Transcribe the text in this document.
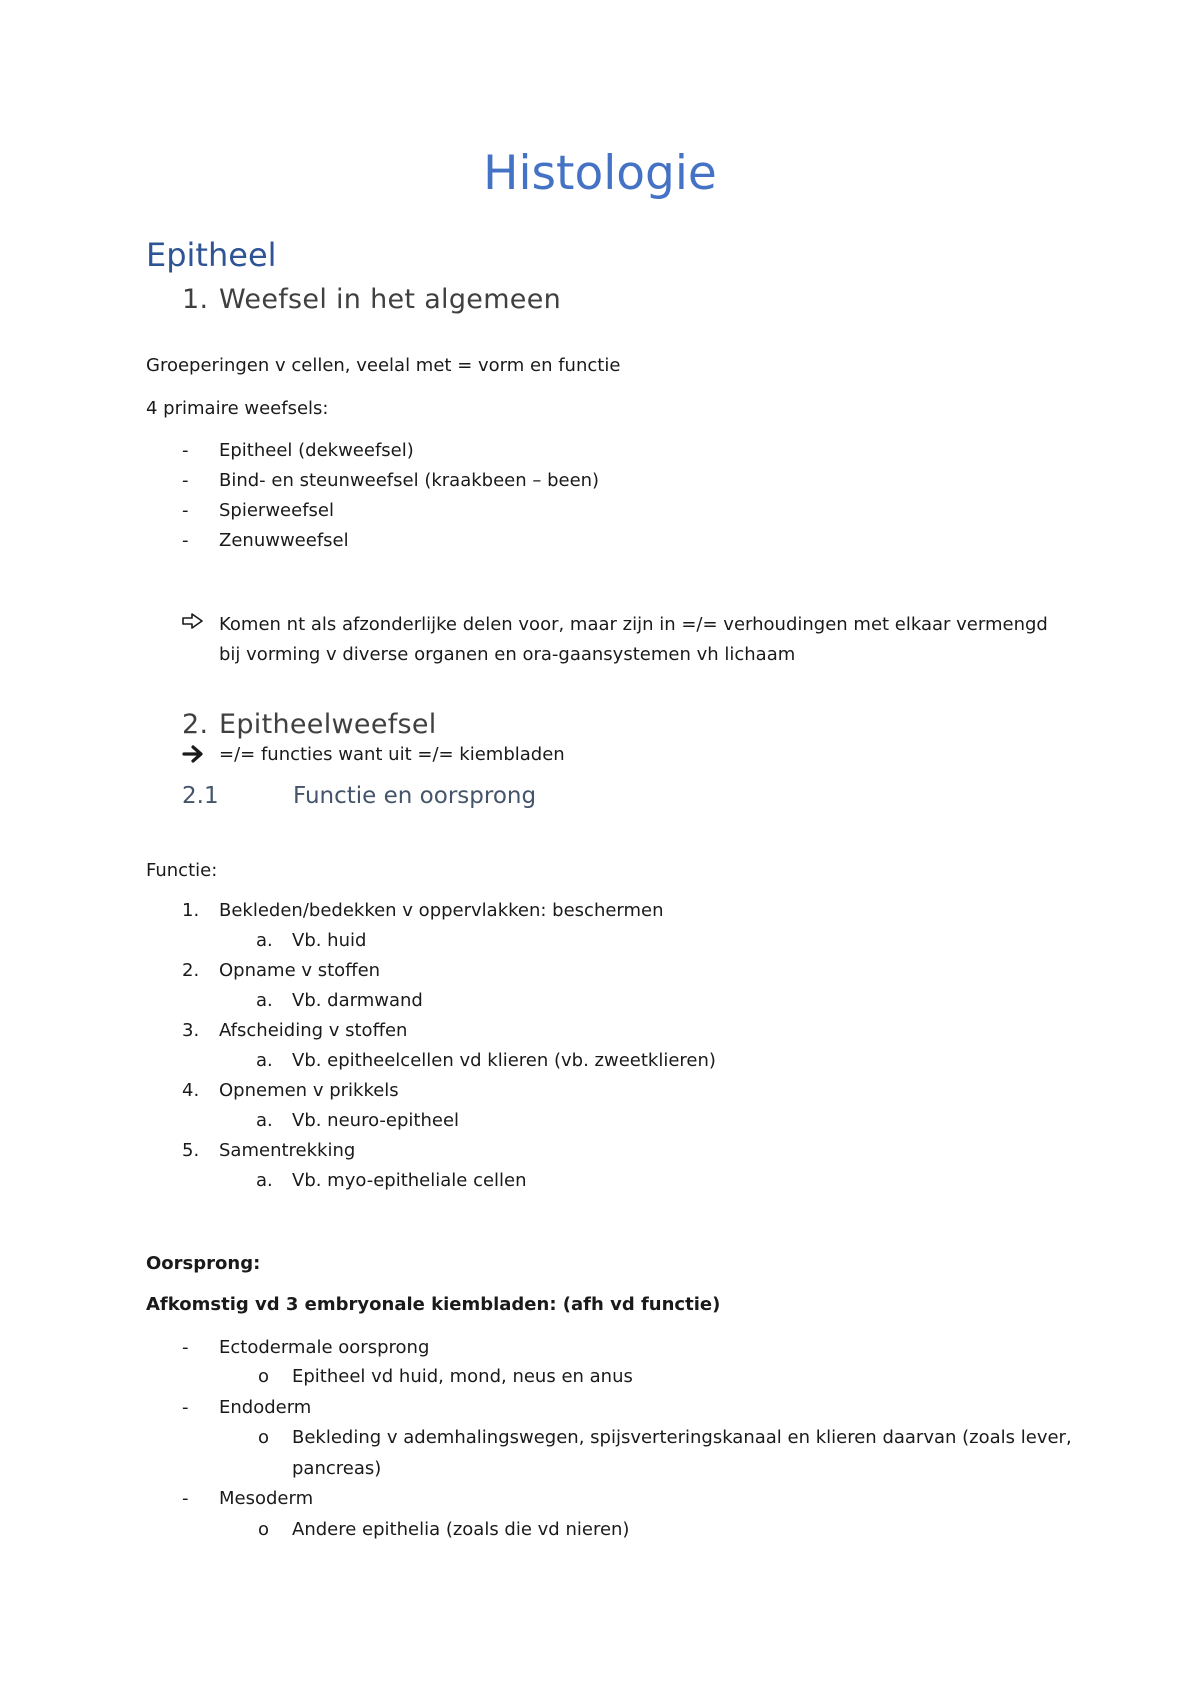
Histologie
Epitheel
1. Weefsel in het algemeen
Groeperingen v cellen, veelal met = vorm en functie
4 primaire weefsels:
- Epitheel (dekweefsel)
- Bind- en steunweefsel (kraakbeen – been)
- Spierweefsel
- Zenuwweefsel
Komen nt als afzonderlijke delen voor, maar zijn in =/= verhoudingen met elkaar vermengd
bij vorming v diverse organen en ora-gaansystemen vh lichaam
2. Epitheelweefsel
=/= functies want uit =/= kiembladen
2.1	Functie en oorsprong
Functie:
1. Bekleden/bedekken v oppervlakken: beschermen
a. Vb. huid
2. Opname v stoffen
a. Vb. darmwand
3. Afscheiding v stoffen
a. Vb. epitheelcellen vd klieren (vb. zweetklieren)
4. Opnemen v prikkels
a. Vb. neuro-epitheel
5. Samentrekking
a. Vb. myo-epitheliale cellen
Oorsprong:
Afkomstig vd 3 embryonale kiembladen: (afh vd functie)
- Ectodermale oorsprong
o Epitheel vd huid, mond, neus en anus
- Endoderm
o Bekleding v ademhalingswegen, spijsverteringskanaal en klieren daarvan (zoals lever,
pancreas)
- Mesoderm
o Andere epithelia (zoals die vd nieren)
